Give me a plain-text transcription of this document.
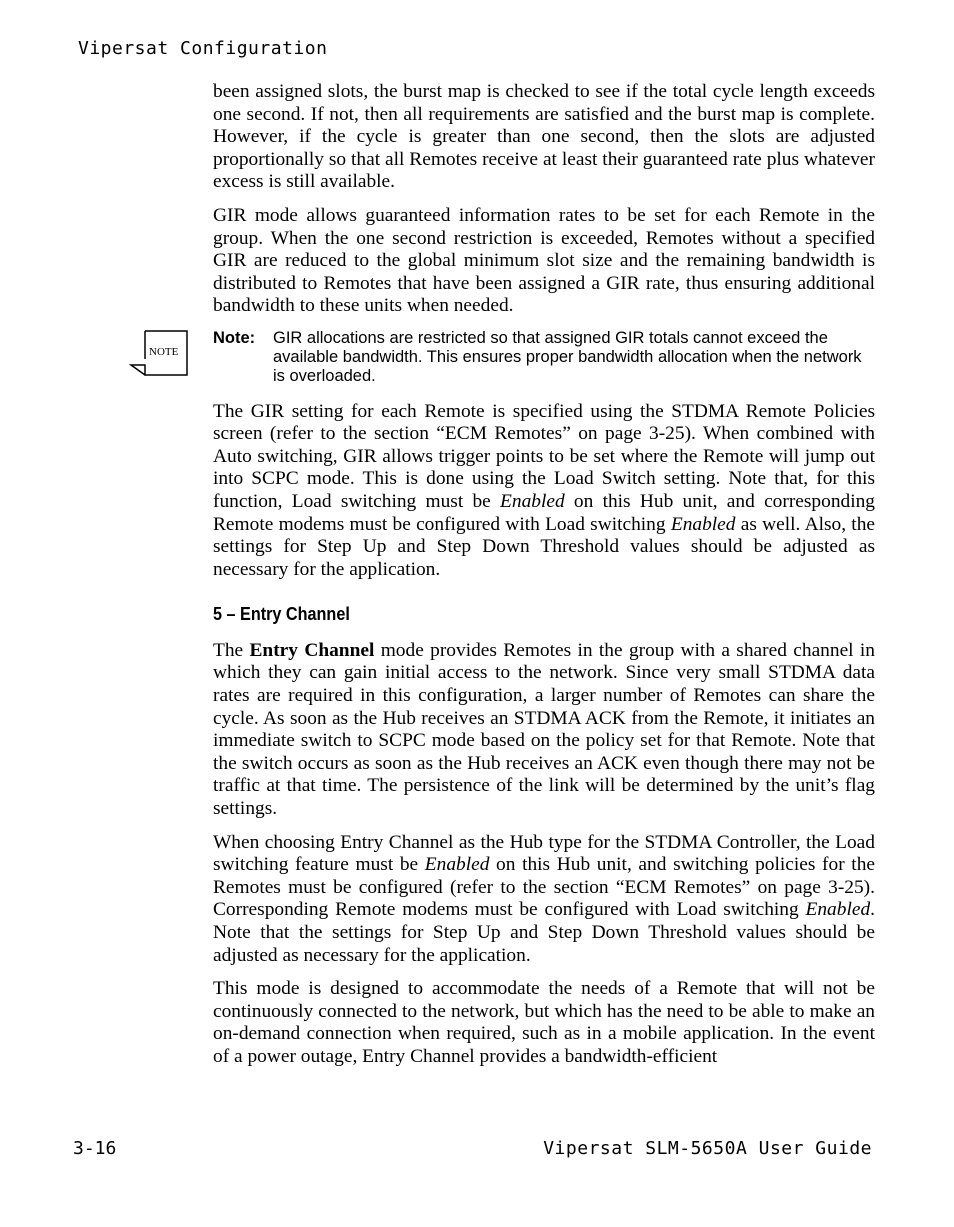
Vipersat Configuration

been assigned slots, the burst map is checked to see if the total cycle length exceeds one second. If not, then all requirements are satisfied and the burst map is complete. However, if the cycle is greater than one second, then the slots are adjusted proportionally so that all Remotes receive at least their guaranteed rate plus whatever excess is still available.

GIR mode allows guaranteed information rates to be set for each Remote in the group. When the one second restriction is exceeded, Remotes without a specified GIR are reduced to the global minimum slot size and the remaining bandwidth is distributed to Remotes that have been assigned a GIR rate, thus ensuring additional bandwidth to these units when needed.

NOTE
Note: GIR allocations are restricted so that assigned GIR totals cannot exceed the available bandwidth. This ensures proper bandwidth allocation when the network is overloaded.

The GIR setting for each Remote is specified using the STDMA Remote Policies screen (refer to the section “ECM Remotes” on page 3-25). When combined with Auto switching, GIR allows trigger points to be set where the Remote will jump out into SCPC mode. This is done using the Load Switch setting. Note that, for this function, Load switching must be Enabled on this Hub unit, and corresponding Remote modems must be configured with Load switching Enabled as well. Also, the settings for Step Up and Step Down Threshold values should be adjusted as necessary for the application.

5 – Entry Channel

The Entry Channel mode provides Remotes in the group with a shared channel in which they can gain initial access to the network. Since very small STDMA data rates are required in this configuration, a larger number of Remotes can share the cycle. As soon as the Hub receives an STDMA ACK from the Remote, it initiates an immediate switch to SCPC mode based on the policy set for that Remote. Note that the switch occurs as soon as the Hub receives an ACK even though there may not be traffic at that time. The persistence of the link will be determined by the unit’s flag settings.

When choosing Entry Channel as the Hub type for the STDMA Controller, the Load switching feature must be Enabled on this Hub unit, and switching policies for the Remotes must be configured (refer to the section “ECM Remotes” on page 3-25). Corresponding Remote modems must be configured with Load switching Enabled. Note that the settings for Step Up and Step Down Threshold values should be adjusted as necessary for the application.

This mode is designed to accommodate the needs of a Remote that will not be continuously connected to the network, but which has the need to be able to make an on-demand connection when required, such as in a mobile application. In the event of a power outage, Entry Channel provides a bandwidth-efficient

3-16	Vipersat SLM-5650A User Guide
